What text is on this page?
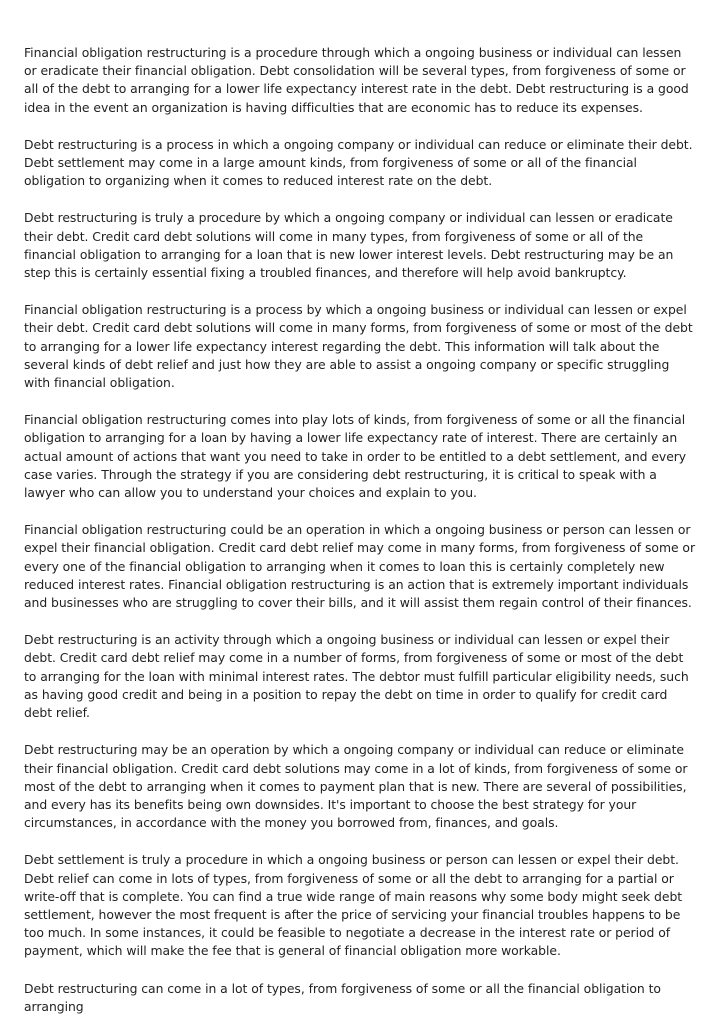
Financial obligation restructuring is a procedure through which a ongoing business or individual can lessen or eradicate their financial obligation. Debt consolidation will be several types, from forgiveness of some or all of the debt to arranging for a lower life expectancy interest rate in the debt. Debt restructuring is a good idea in the event an organization is having difficulties that are economic has to reduce its expenses.

Debt restructuring is a process in which a ongoing company or individual can reduce or eliminate their debt. Debt settlement may come in a large amount kinds, from forgiveness of some or all of the financial obligation to organizing when it comes to reduced interest rate on the debt.

Debt restructuring is truly a procedure by which a ongoing company or individual can lessen or eradicate their debt. Credit card debt solutions will come in many types, from forgiveness of some or all of the financial obligation to arranging for a loan that is new lower interest levels. Debt restructuring may be an step this is certainly essential fixing a troubled finances, and therefore will help avoid bankruptcy.

Financial obligation restructuring is a process by which a ongoing business or individual can lessen or expel their debt. Credit card debt solutions will come in many forms, from forgiveness of some or most of the debt to arranging for a lower life expectancy interest regarding the debt. This information will talk about the several kinds of debt relief and just how they are able to assist a ongoing company or specific struggling with financial obligation.

Financial obligation restructuring comes into play lots of kinds, from forgiveness of some or all the financial obligation to arranging for a loan by having a lower life expectancy rate of interest. There are certainly an actual amount of actions that want you need to take in order to be entitled to a debt settlement, and every case varies. Through the strategy if you are considering debt restructuring, it is critical to speak with a lawyer who can allow you to understand your choices and explain to you.

Financial obligation restructuring could be an operation in which a ongoing business or person can lessen or expel their financial obligation. Credit card debt relief may come in many forms, from forgiveness of some or every one of the financial obligation to arranging when it comes to loan this is certainly completely new reduced interest rates. Financial obligation restructuring is an action that is extremely important individuals and businesses who are struggling to cover their bills, and it will assist them regain control of their finances.

Debt restructuring is an activity through which a ongoing business or individual can lessen or expel their debt. Credit card debt relief may come in a number of forms, from forgiveness of some or most of the debt to arranging for the loan with minimal interest rates. The debtor must fulfill particular eligibility needs, such as having good credit and being in a position to repay the debt on time in order to qualify for credit card debt relief.

Debt restructuring may be an operation by which a ongoing company or individual can reduce or eliminate their financial obligation. Credit card debt solutions may come in a lot of kinds, from forgiveness of some or most of the debt to arranging when it comes to payment plan that is new. There are several of possibilities, and every has its benefits being own downsides. It's important to choose the best strategy for your circumstances, in accordance with the money you borrowed from, finances, and goals.

Debt settlement is truly a procedure in which a ongoing business or person can lessen or expel their debt. Debt relief can come in lots of types, from forgiveness of some or all the debt to arranging for a partial or write-off that is complete. You can find a true wide range of main reasons why some body might seek debt settlement, however the most frequent is after the price of servicing your financial troubles happens to be too much. In some instances, it could be feasible to negotiate a decrease in the interest rate or period of payment, which will make the fee that is general of financial obligation more workable.

Debt restructuring can come in a lot of types, from forgiveness of some or all the financial obligation to arranging
